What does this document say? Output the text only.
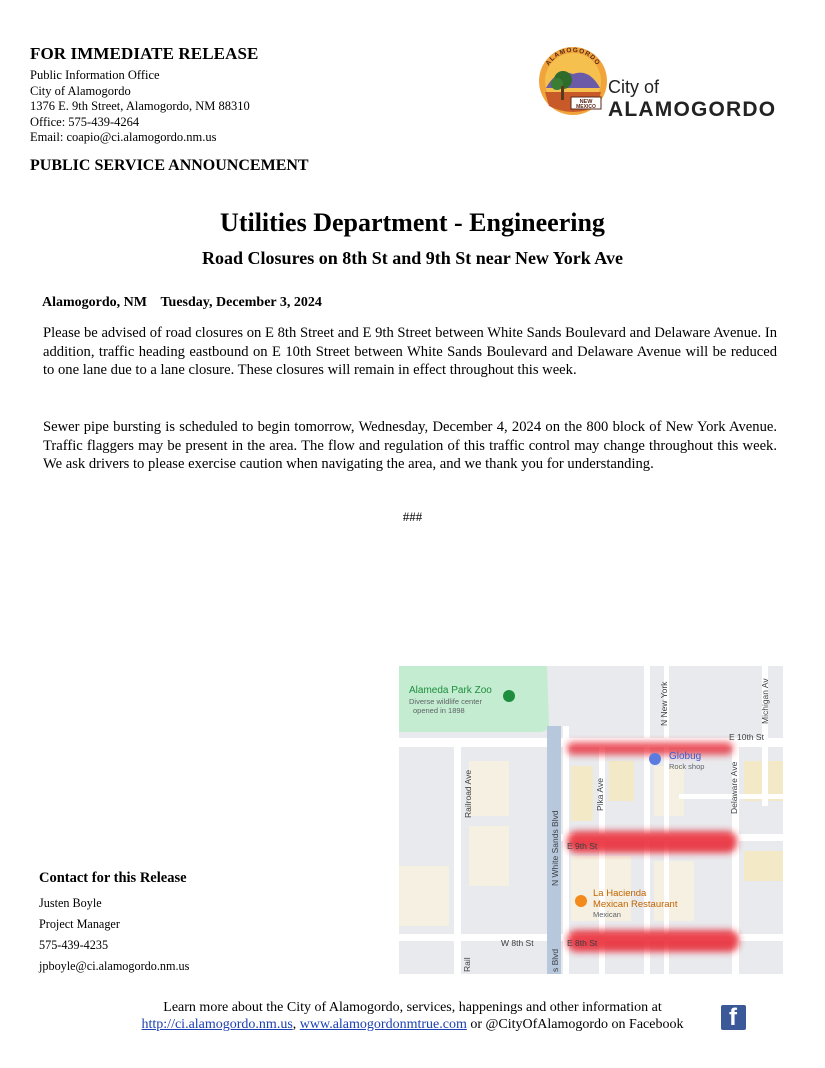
FOR IMMEDIATE RELEASE
Public Information Office
City of Alamogordo
1376 E. 9th Street, Alamogordo, NM 88310
Office: 575-439-4264
Email: coapio@ci.alamogordo.nm.us
PUBLIC SERVICE ANNOUNCEMENT
NEW
MEXICO
ALAMOGORDO
City of
ALAMOGORDO
Utilities Department - Engineering
Road Closures on 8th St and 9th St near New York Ave
Alamogordo, NM Tuesday, December 3, 2024
Please be advised of road closures on E 8th Street and E 9th Street between White Sands Boulevard and Delaware Avenue. In addition, traffic heading eastbound on E 10th Street between White Sands Boulevard and Delaware Avenue will be reduced to one lane due to a lane closure. These closures will remain in effect throughout this week.
Sewer pipe bursting is scheduled to begin tomorrow, Wednesday, December 4, 2024 on the 800 block of New York Avenue. Traffic flaggers may be present in the area. The flow and regulation of this traffic control may change throughout this week. We ask drivers to please exercise caution when navigating the area, and we thank you for understanding.
###
Alameda Park Zoo
Diverse wildlife center
opened in 1898
Globug
Rock shop
La Hacienda
Mexican Restaurant
Mexican
E 10th St
E 9th St
E 8th St
W 8th St
Railroad Ave
N White Sands Blvd
s Blvd
Pika Ave
N New York
Delaware Ave
Michigan Av
Rail
Contact for this Release
Justen Boyle
Project Manager
575-439-4235
jpboyle@ci.alamogordo.nm.us
Learn more about the City of Alamogordo, services, happenings and other information at
http://ci.alamogordo.nm.us, www.alamogordonmtrue.com or @CityOfAlamogordo on Facebook	f
